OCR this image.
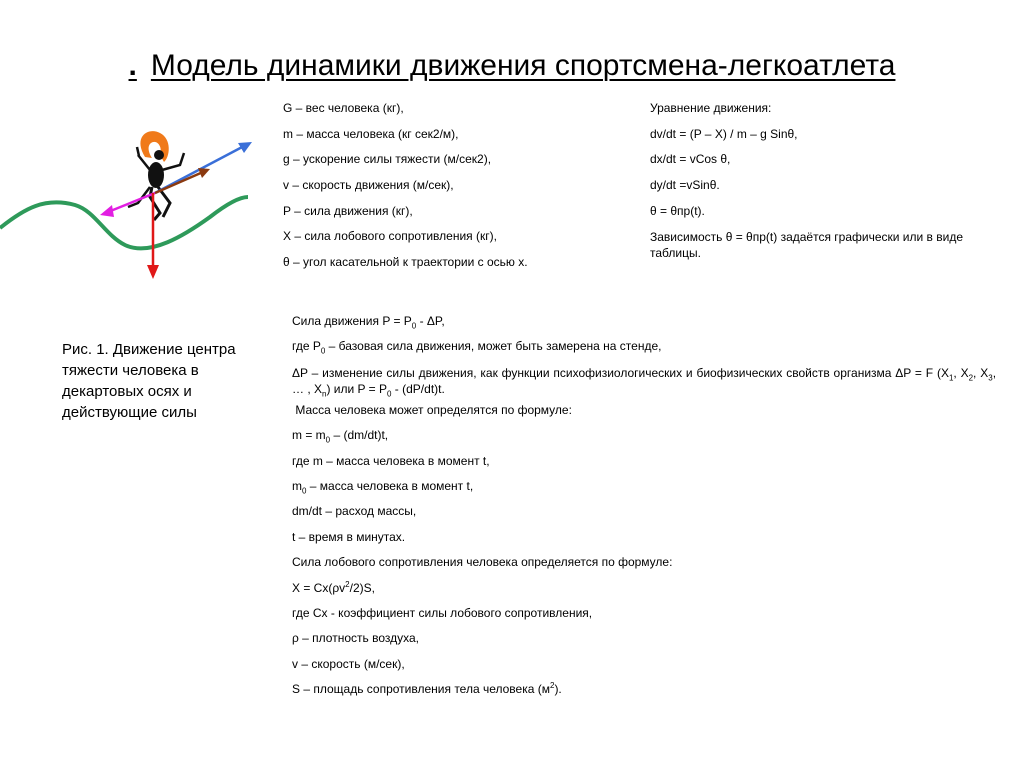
. Модель динамики движения спортсмена-легкоатлета
Рис. 1. Движение центра тяжести человека в декартовых осях и действующие силы
G – вес человека (кг),
m – масса человека (кг сек2/м),
g – ускорение силы тяжести (м/сек2),
v – скорость движения (м/сек),
P – сила движения (кг),
X – сила лобового сопротивления (кг),
θ – угол касательной к траектории с осью x.
Уравнение движения:
dv/dt = (P – X) / m – g Sinθ,
dx/dt = vCos θ,
dy/dt =vSinθ.
θ = θпр(t).
Зависимость θ = θпр(t) задаётся графически или в виде таблицы.
Сила движения $P = P_0 - \Delta P$,
где $P_0$ – базовая сила движения, может быть замерена на стенде,
ΔP – изменение силы движения, как функции психофизиологических и биофизических свойств организма ΔP = F ($X_1$, $X_2$, $X_3$, … , $X_n$) или $P = P_0 - (dP/dt)t$.
Масса человека может определятся по формуле:
$m = m_0 - (dm/dt)t$,
где m – масса человека в момент t,
$m_0$ – масса человека в момент t,
dm/dt – расход массы,
t – время в минутах.
Сила лобового сопротивления человека определяется по формуле:
$X = Cx(\rho v^2/2)S$,
где Cx - коэффициент силы лобового сопротивления,
ρ – плотность воздуха,
v – скорость (м/сек),
S – площадь сопротивления тела человека $(м^2)$.
